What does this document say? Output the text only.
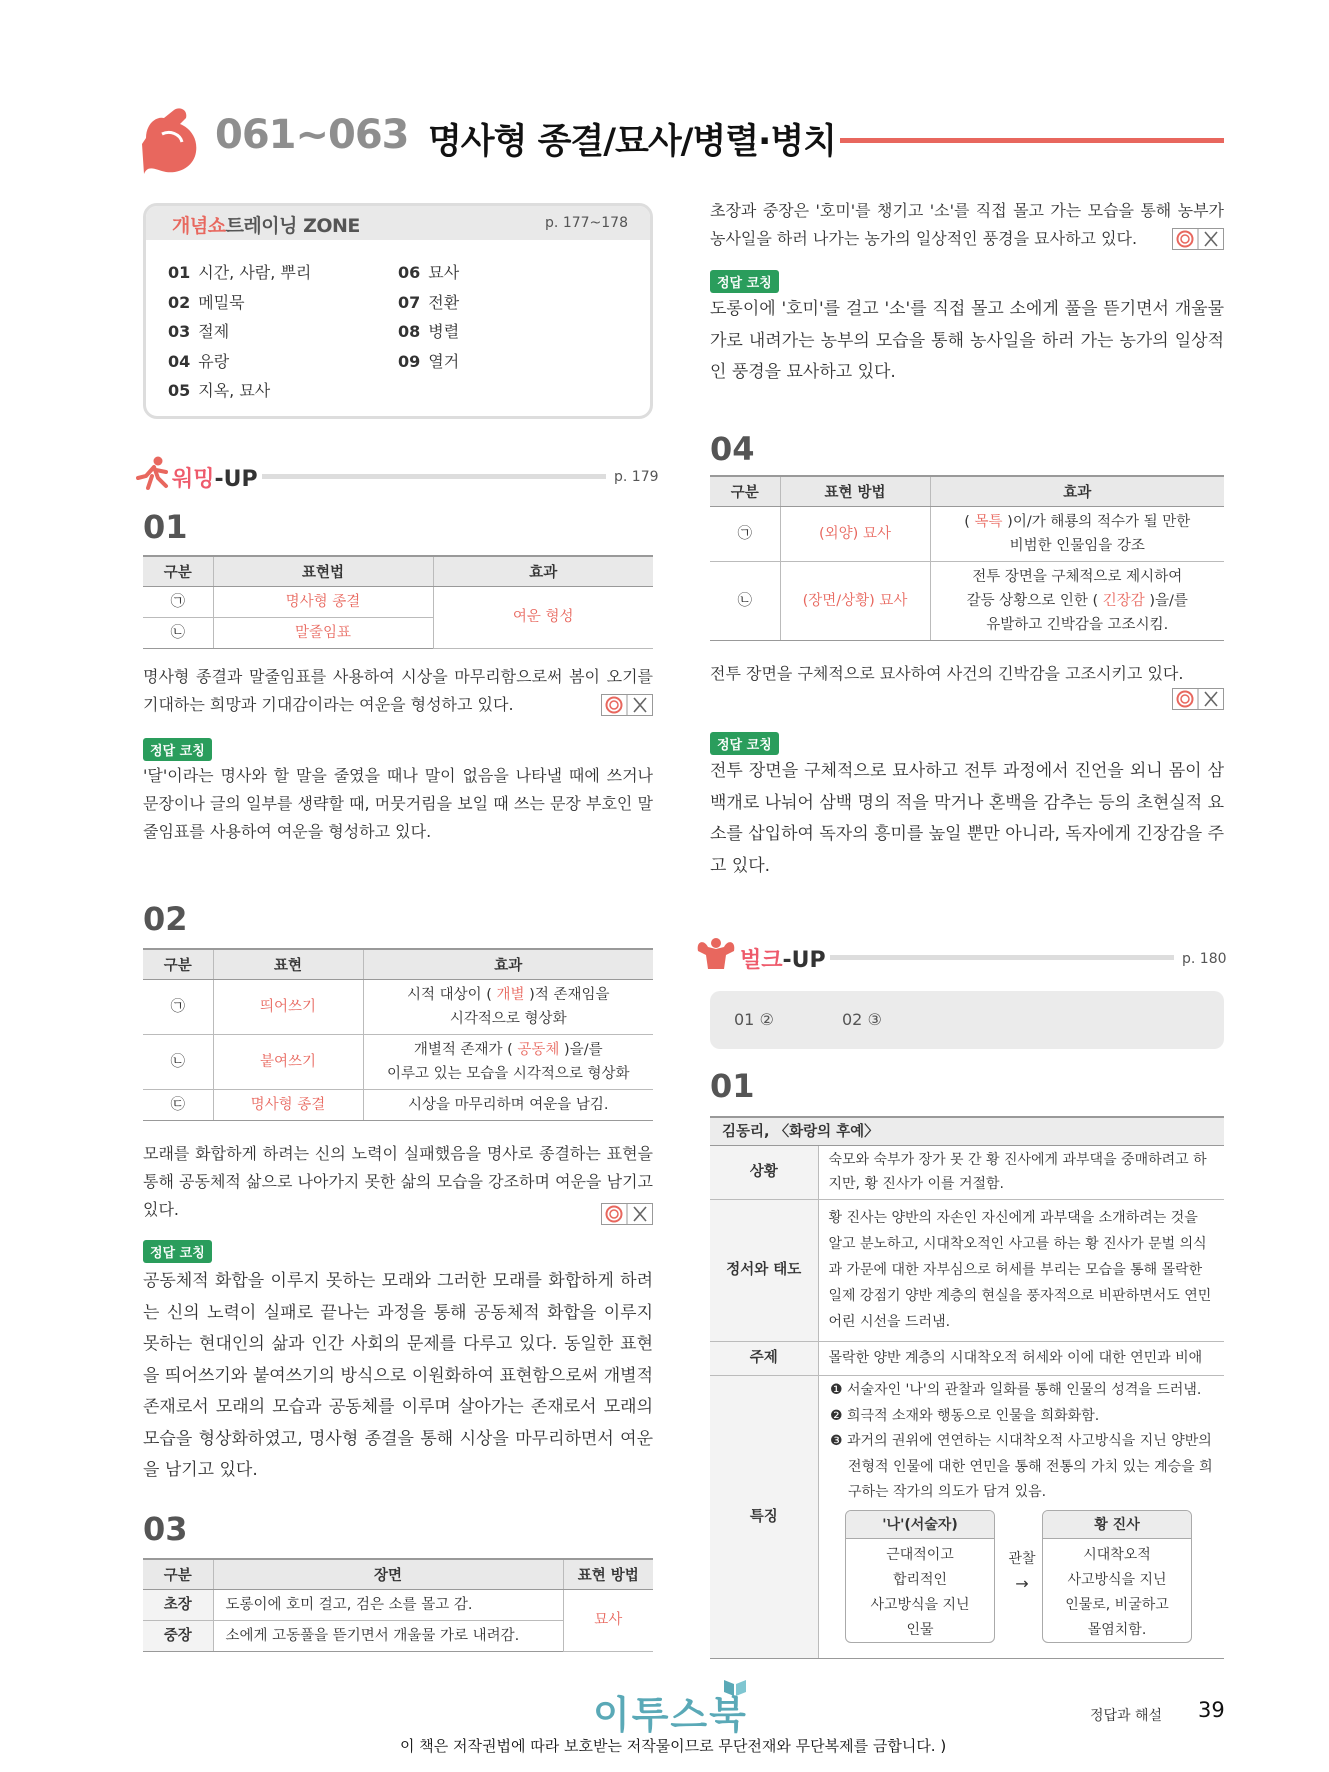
061~063 명사형 종결/묘사/병렬·병치
개념쇼트레이닝 ZONE	p. 177~178
01 시간, 사람, 뿌리
02 메밀묵
03 절제
04 유랑
05 지옥, 묘사
06 묘사
07 전환
08 병렬
09 열거
워밍-UP	p. 179
01
구분	표현법	효과
㉠	명사형 종결	여운 형성
㉡	말줄임표	
명사형 종결과 말줄임표를 사용하여 시상을 마무리함으로써 봄이 오기를 기대하는 희망과 기대감이라는 여운을 형성하고 있다.
정답 코칭
'달'이라는 명사와 할 말을 줄였을 때나 말이 없음을 나타낼 때에 쓰거나 문장이나 글의 일부를 생략할 때, 머뭇거림을 보일 때 쓰는 문장 부호인 말줄임표를 사용하여 여운을 형성하고 있다.
02
구분	표현	효과
㉠	띄어쓰기	시적 대상이 ( 개별 )적 존재임을
시각적으로 형상화
㉡	붙여쓰기	개별적 존재가 ( 공동체 )을/를
이루고 있는 모습을 시각적으로 형상화
㉢	명사형 종결	시상을 마무리하며 여운을 남김.
모래를 화합하게 하려는 신의 노력이 실패했음을 명사로 종결하는 표현을 통해 공동체적 삶으로 나아가지 못한 삶의 모습을 강조하며 여운을 남기고 있다.
정답 코칭
공동체적 화합을 이루지 못하는 모래와 그러한 모래를 화합하게 하려는 신의 노력이 실패로 끝나는 과정을 통해 공동체적 화합을 이루지 못하는 현대인의 삶과 인간 사회의 문제를 다루고 있다. 동일한 표현을 띄어쓰기와 붙여쓰기의 방식으로 이원화하여 표현함으로써 개별적 존재로서 모래의 모습과 공동체를 이루며 살아가는 존재로서 모래의 모습을 형상화하였고, 명사형 종결을 통해 시상을 마무리하면서 여운을 남기고 있다.
03
구분	장면	표현 방법
초장	도롱이에 호미 걸고, 검은 소를 몰고 감.	묘사
중장	소에게 고동풀을 뜯기면서 개울물 가로 내려감.	
초장과 중장은 '호미'를 챙기고 '소'를 직접 몰고 가는 모습을 통해 농부가 농사일을 하러 나가는 농가의 일상적인 풍경을 묘사하고 있다.
정답 코칭
도롱이에 '호미'를 걸고 '소'를 직접 몰고 소에게 풀을 뜯기면서 개울물 가로 내려가는 농부의 모습을 통해 농사일을 하러 가는 농가의 일상적인 풍경을 묘사하고 있다.
04
구분	표현 방법	효과
㉠	(외양) 묘사	( 목특 )이/가 해룡의 적수가 될 만한
비범한 인물임을 강조
㉡	(장면/상황) 묘사	전투 장면을 구체적으로 제시하여
갈등 상황으로 인한 ( 긴장감 )을/를
유발하고 긴박감을 고조시킴.
전투 장면을 구체적으로 묘사하여 사건의 긴박감을 고조시키고 있다.
정답 코칭
전투 장면을 구체적으로 묘사하고 전투 과정에서 진언을 외니 몸이 삼백개로 나눠어 삼백 명의 적을 막거나 혼백을 감추는 등의 초현실적 요소를 삽입하여 독자의 흥미를 높일 뿐만 아니라, 독자에게 긴장감을 주고 있다.
벌크-UP	p. 180
01 ②	02 ③
01
김동리, 〈화랑의 후예〉
상황	숙모와 숙부가 장가 못 간 황 진사에게 과부댁을 중매하려고 하지만, 황 진사가 이를 거절함.
정서와 태도	황 진사는 양반의 자손인 자신에게 과부댁을 소개하려는 것을 알고 분노하고, 시대착오적인 사고를 하는 황 진사가 문벌 의식과 가문에 대한 자부심으로 허세를 부리는 모습을 통해 몰락한 일제 강점기 양반 계층의 현실을 풍자적으로 비판하면서도 연민 어린 시선을 드러냄.
주제	몰락한 양반 계층의 시대착오적 허세와 이에 대한 연민과 비애
특징	
❶ 서술자인 '나'의 관찰과 일화를 통해 인물의 성격을 드러냄.
❷ 희극적 소재와 행동으로 인물을 희화화함.
❸ 과거의 권위에 연연하는 시대착오적 사고방식을 지닌 양반의 전형적 인물에 대한 연민을 통해 전통의 가치 있는 계승을 희구하는 작가의 의도가 담겨 있음.
'나'(서술자)
근대적이고
합리적인
사고방식을 지닌
인물
관찰
→
황 진사
시대착오적
사고방식을 지닌
인물로, 비굴하고
몰염치함.
이투스북
이 책은 저작권법에 따라 보호받는 저작물이므로 무단전재와 무단복제를 금합니다. )
정답과 해설 39
